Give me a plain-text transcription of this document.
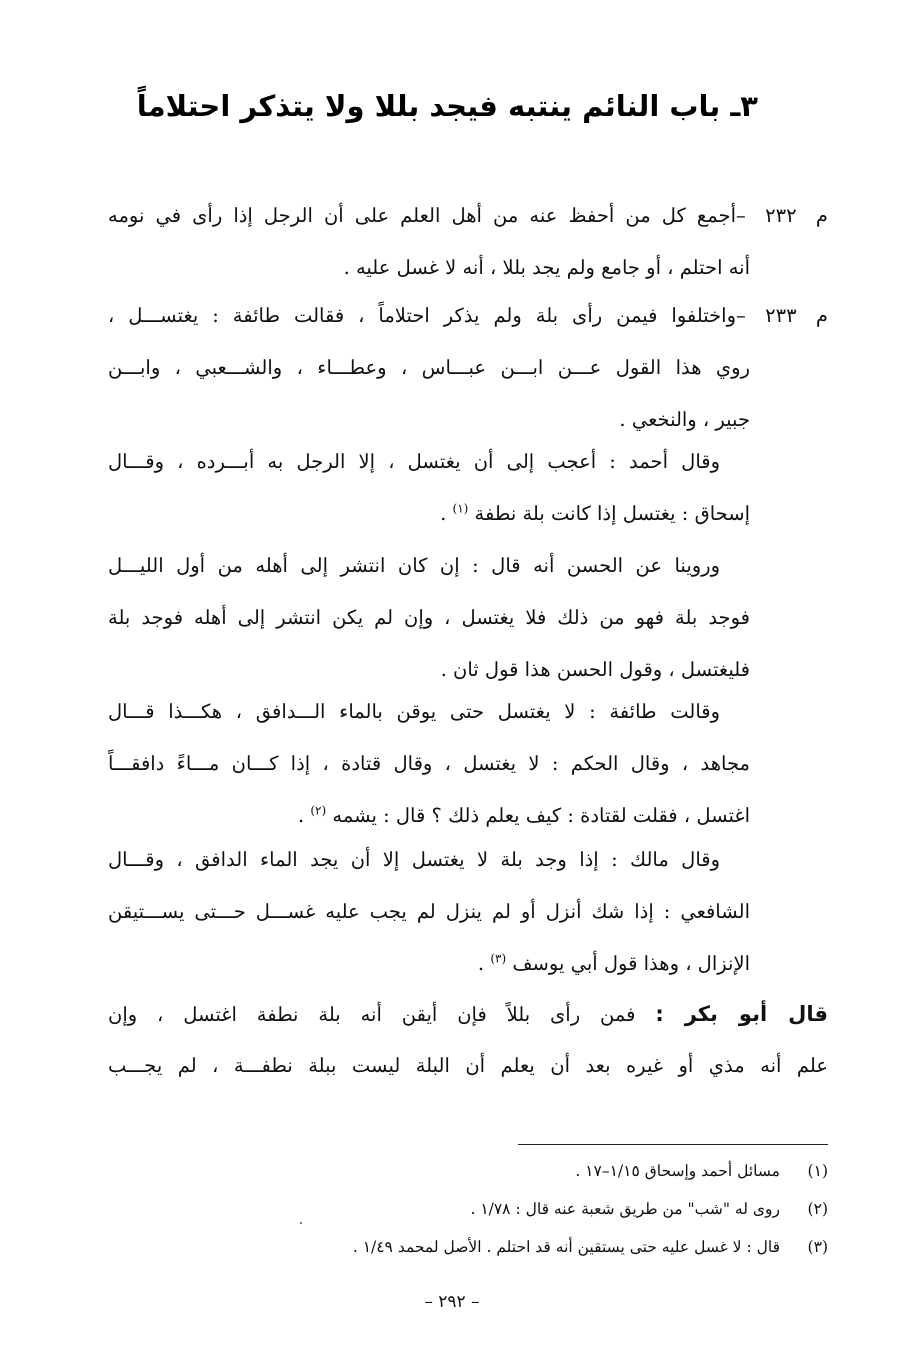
٣ـ باب النائم ينتبه فيجد بللا ولا يتذكر احتلاماً
م ٢٣٢ –أجمع كل من أحفظ عنه من أهل العلم على أن الرجل إذا رأى في نومه
أنه احتلم ، أو جامع ولم يجد بللا ، أنه لا غسل عليه .
م ٢٣٣ –واختلفوا فيمن رأى بلة ولم يذكر احتلاماً ، فقالت طائفة : يغتســـل ،
روي هذا القول عـــن ابـــن عبـــاس ، وعطـــاء ، والشـــعبي ، وابـــن
جبير ، والنخعي .
وقال أحمد : أعجب إلى أن يغتسل ، إلا الرجل به أبـــرده ، وقـــال
إسحاق : يغتسل إذا كانت بلة نطفة $^{(١)}$ .
وروينا عن الحسن أنه قال : إن كان انتشر إلى أهله من أول الليـــل
فوجد بلة فهو من ذلك فلا يغتسل ، وإن لم يكن انتشر إلى أهله فوجد بلة
فليغتسل ، وقول الحسن هذا قول ثان .
وقالت طائفة : لا يغتسل حتى يوقن بالماء الـــدافق ، هكـــذا قـــال
مجاهد ، وقال الحكم : لا يغتسل ، وقال قتادة ، إذا كـــان مـــاءً دافقـــاً
اغتسل ، فقلت لقتادة : كيف يعلم ذلك ؟ قال : يشمه $^{(٢)}$ .
وقال مالك : إذا وجد بلة لا يغتسل إلا أن يجد الماء الدافق ، وقـــال
الشافعي : إذا شك أنزل أو لم ينزل لم يجب عليه غســـل حـــتى يســـتيقن
الإنزال ، وهذا قول أبي يوسف $^{(٣)}$ .
قال أبو بكر : فمن رأى بللاً فإن أيقن أنه بلة نطفة اغتسل ، وإن
علم أنه مذي أو غيره بعد أن يعلم أن البلة ليست ببلة نطفـــة ، لم يجـــب
(١)مسائل أحمد وإسحاق ١/١٥–١٧ .
(٢)روى له "شب" من طريق شعبة عنه قال : ١/٧٨ .
(٣)قال : لا غسل عليه حتى يستقين أنه قد احتلم . الأصل لمحمد ١/٤٩ .
– ٢٩٢ –
